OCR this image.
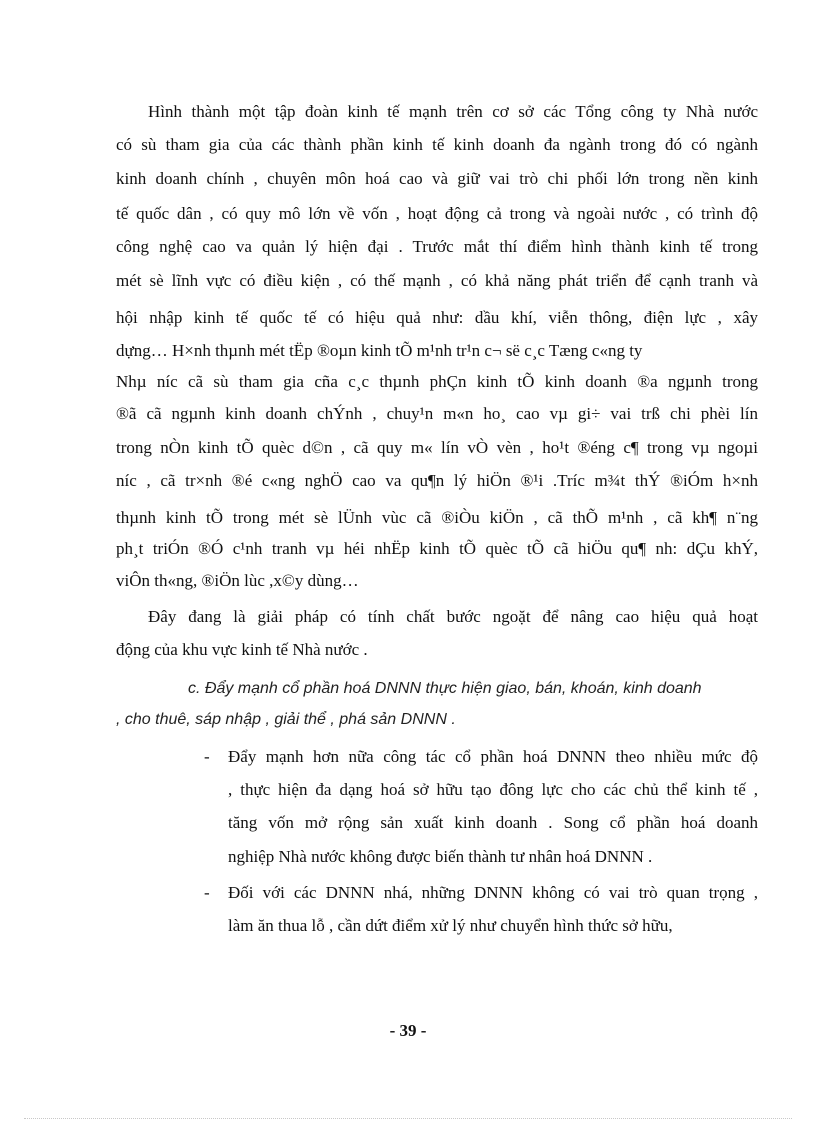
Hình thành một tập đoàn kinh tế mạnh trên cơ sở các Tổng công ty Nhà nước
có sù tham gia của các thành phần kinh tế kinh doanh đa ngành trong đó có ngành
kinh doanh chính , chuyên môn hoá cao và giữ vai trò chi phối lớn trong nền kinh
tế quốc dân , có quy mô lớn về vốn , hoạt động cả trong và ngoài nước , có trình độ
công nghệ cao va quản lý hiện đại . Trước mắt thí điểm hình thành kinh tế trong
mét sè lĩnh vực có điều kiện , có thế mạnh , có khả năng phát triển để cạnh tranh và
hội nhập kinh tế quốc tế có hiệu quả như: dầu khí, viễn thông, điện lực , xây
dựng… H×nh thµnh mét tËp ®oµn kinh tÕ m¹nh tr¹n c¬ së c¸c Tæng c«ng ty
Nhµ níc cã sù tham gia cña c¸c thµnh phÇn kinh tÕ kinh doanh ®a ngµnh trong
®ã cã ngµnh kinh doanh chÝnh , chuy¹n m«n ho¸ cao vµ gi÷ vai trß chi phèi lín
trong nÒn kinh tÕ quèc d©n , cã quy m« lín vÒ vèn , ho¹t ®éng c¶ trong vµ ngoµi
níc , cã tr×nh ®é c«ng nghÖ cao va qu¶n lý hiÖn ®¹i .Tríc m¾t thÝ ®iÓm h×nh
thµnh kinh tÕ trong mét sè lÜnh vùc cã ®iÒu kiÖn , cã thÕ m¹nh , cã kh¶ n¨ng
ph¸t triÓn ®Ó c¹nh tranh vµ héi nhËp kinh tÕ quèc tÕ cã hiÖu qu¶ nh: dÇu khÝ,
viÔn th«ng, ®iÖn lùc ,x©y dùng…
Đây đang là giải pháp có tính chất bước ngoặt để nâng cao hiệu quả hoạt
động của khu vực kinh tế Nhà nước .
c. Đẩy mạnh cổ phần hoá DNNN thực hiện giao, bán, khoán, kinh doanh
, cho thuê, sáp nhập , giải thể , phá sản DNNN .
-	Đẩy mạnh hơn nữa công tác cổ phần hoá DNNN theo nhiều mức độ
, thực hiện đa dạng hoá sở hữu tạo đông lực cho các chủ thể kinh tế ,
tăng vốn mở rộng sản xuất kinh doanh . Song cổ phần hoá doanh
nghiệp Nhà nước không được biến thành tư nhân hoá DNNN .
-	Đối với các DNNN nhá, những DNNN không có vai trò quan trọng ,
làm ăn thua lỗ , cần dứt điểm xử lý như chuyển hình thức sở hữu,
- 39 -
